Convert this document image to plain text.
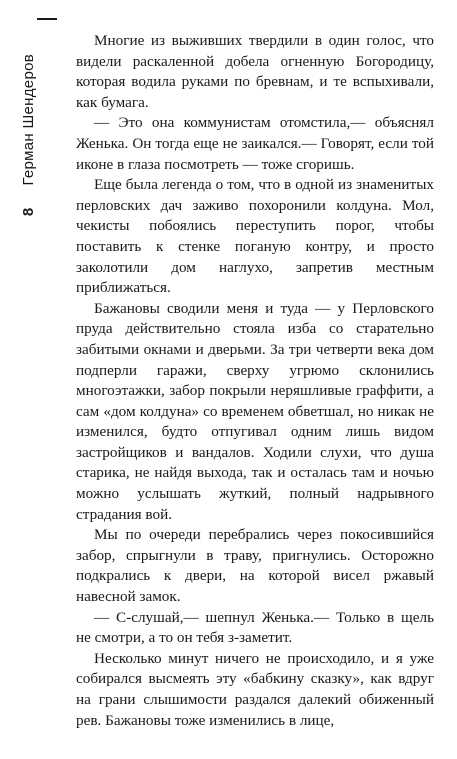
8     Герман Шендеров

Многие из выживших твердили в один голос, что видели раскаленной добела огненную Богородицу, которая водила руками по бревнам, и те вспыхивали, как бумага.

— Это она коммунистам отомстила,— объяснял Женька. Он тогда еще не заикался.— Говорят, если той иконе в глаза посмотреть — тоже сгоришь.

Еще была легенда о том, что в одной из знаменитых перловских дач заживо похоронили колдуна. Мол, чекисты побоялись переступить порог, чтобы поставить к стенке поганую контру, и просто заколотили дом наглухо, запретив местным приближаться.

Бажановы сводили меня и туда — у Перловского пруда действительно стояла изба со старательно забитыми окнами и дверьми. За три четверти века дом подперли гаражи, сверху угрюмо склонились многоэтажки, забор покрыли неряшливые граффити, а сам «дом колдуна» со временем обветшал, но никак не изменился, будто отпугивал одним лишь видом застройщиков и вандалов. Ходили слухи, что душа старика, не найдя выхода, так и осталась там и ночью можно услышать жуткий, полный надрывного страдания вой.

Мы по очереди перебрались через покосившийся забор, спрыгнули в траву, пригнулись. Осторожно подкрались к двери, на которой висел ржавый навесной замок.

— С-слушай,— шепнул Женька.— Только в щель не смотри, а то он тебя з-заметит.

Несколько минут ничего не происходило, и я уже собирался высмеять эту «бабкину сказку», как вдруг на грани слышимости раздался далекий обиженный рев. Бажановы тоже изменились в лице,
